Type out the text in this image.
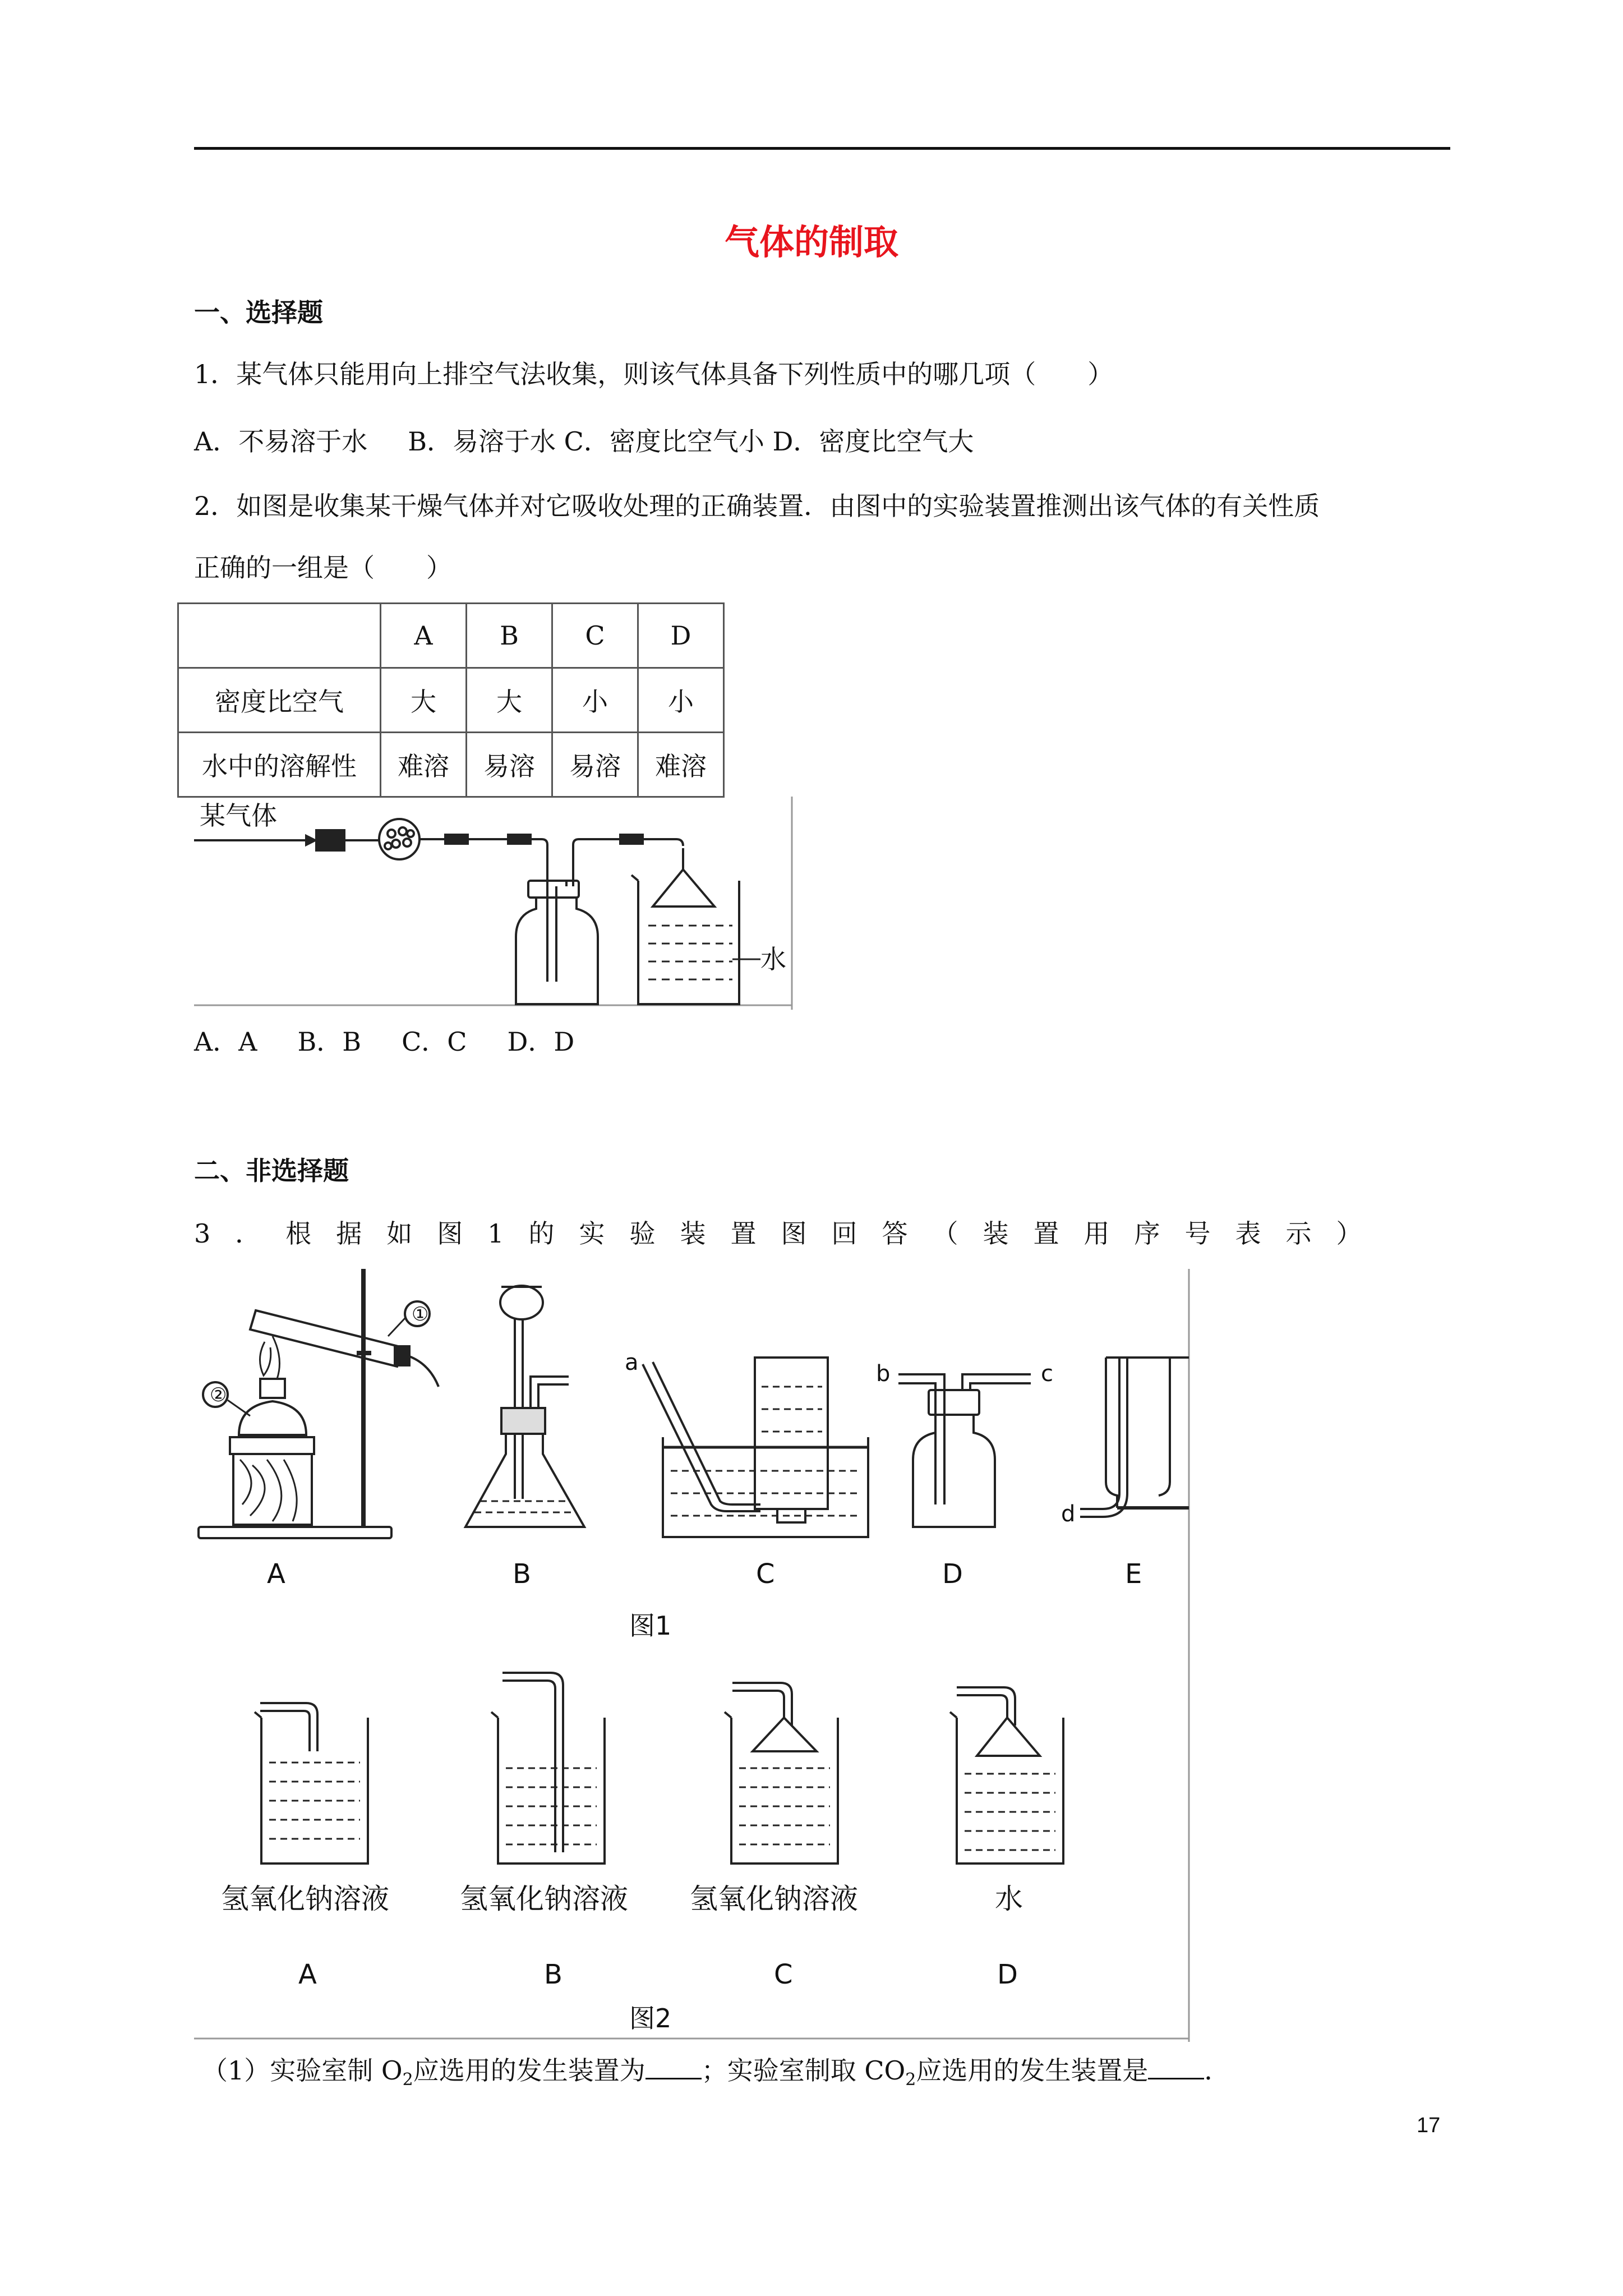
气体的制取
一、选择题
1．某气体只能用向上排空气法收集，则该气体具备下列性质中的哪几项（　　）
A．不易溶于水 B．易溶于水 C．密度比空气小 D．密度比空气大
2．如图是收集某干燥气体并对它吸收处理的正确装置．由图中的实验装置推测出该气体的有关性质
正确的一组是（　　）
	A	B	C	D
密度比空气	大	大	小	小
水中的溶解性	难溶	易溶	易溶	难溶
某气体
水
A．A B．B C．C D．D
二、非选择题
3．根据如图1的实验装置图回答（装置用序号表示）
①
②
A	B
a
C
b	c
D
d
E
图1
氢氧化钠溶液
A
氢氧化钠溶液
B
氢氧化钠溶液
C
水
D
图2
（1）实验室制 $O_2$应选用的发生装置为 ；实验室制取 $CO_2$应选用的发生装置是 ．
17
